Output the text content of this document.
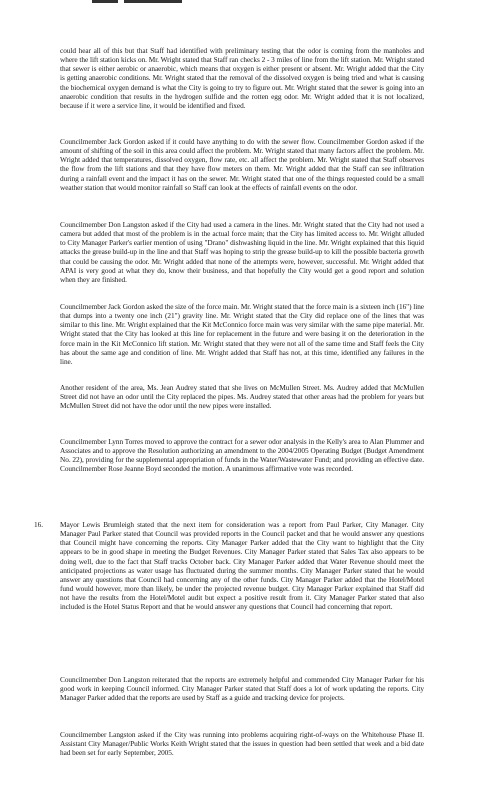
could hear all of this but that Staff had identified with preliminary testing that the odor is coming from the manholes and where the lift station kicks on. Mr. Wright stated that Staff ran checks 2 - 3 miles of line from the lift station. Mr. Wright stated that sewer is either aerobic or anaerobic, which means that oxygen is either present or absent. Mr. Wright added that the City is getting anaerobic conditions. Mr. Wright stated that the removal of the dissolved oxygen is being tried and what is causing the biochemical oxygen demand is what the City is going to try to figure out. Mr. Wright stated that the sewer is going into an anaerobic condition that results in the hydrogen sulfide and the rotten egg odor. Mr. Wright added that it is not localized, because if it were a service line, it would be identified and fixed.

Councilmember Jack Gordon asked if it could have anything to do with the sewer flow. Councilmember Gordon asked if the amount of shifting of the soil in this area could affect the problem. Mr. Wright stated that many factors affect the problem. Mr. Wright added that temperatures, dissolved oxygen, flow rate, etc. all affect the problem. Mr. Wright stated that Staff observes the flow from the lift stations and that they have flow meters on them. Mr. Wright added that the Staff can see infiltration during a rainfall event and the impact it has on the sewer. Mr. Wright stated that one of the things requested could be a small weather station that would monitor rainfall so Staff can look at the effects of rainfall events on the odor.

Councilmember Don Langston asked if the City had used a camera in the lines. Mr. Wright stated that the City had not used a camera but added that most of the problem is in the actual force main; that the City has limited access to. Mr. Wright alluded to City Manager Parker's earlier mention of using "Drano" dishwashing liquid in the line. Mr. Wright explained that this liquid attacks the grease build-up in the line and that Staff was hoping to strip the grease build-up to kill the possible bacteria growth that could be causing the odor. Mr. Wright added that none of the attempts were, however, successful. Mr. Wright added that APAI is very good at what they do, know their business, and that hopefully the City would get a good report and solution when they are finished.

Councilmember Jack Gordon asked the size of the force main. Mr. Wright stated that the force main is a sixteen inch (16") line that dumps into a twenty one inch (21") gravity line. Mr. Wright stated that the City did replace one of the lines that was similar to this line. Mr. Wright explained that the Kit McConnico force main was very similar with the same pipe material. Mr. Wright stated that the City has looked at this line for replacement in the future and were basing it on the deterioration in the force main in the Kit McConnico lift station. Mr. Wright stated that they were not all of the same time and Staff feels the City has about the same age and condition of line. Mr. Wright added that Staff has not, at this time, identified any failures in the line.

Another resident of the area, Ms. Jean Audrey stated that she lives on McMullen Street. Ms. Audrey added that McMullen Street did not have an odor until the City replaced the pipes. Ms. Audrey stated that other areas had the problem for years but McMullen Street did not have the odor until the new pipes were installed.

Councilmember Lynn Torres moved to approve the contract for a sewer odor analysis in the Kelly's area to Alan Plummer and Associates and to approve the Resolution authorizing an amendment to the 2004/2005 Operating Budget (Budget Amendment No. 22), providing for the supplemental appropriation of funds in the Water/Wastewater Fund; and providing an effective date. Councilmember Rose Jeanne Boyd seconded the motion. A unanimous affirmative vote was recorded.

16. Mayor Lewis Brumleigh stated that the next item for consideration was a report from Paul Parker, City Manager. City Manager Paul Parker stated that Council was provided reports in the Council packet and that he would answer any questions that Council might have concerning the reports. City Manager Parker added that the City want to highlight that the City appears to be in good shape in meeting the Budget Revenues. City Manager Parker stated that Sales Tax also appears to be doing well, due to the fact that Staff tracks October back. City Manager Parker added that Water Revenue should meet the anticipated projections as water usage has fluctuated during the summer months. City Manager Parker stated that he would answer any questions that Council had concerning any of the other funds. City Manager Parker added that the Hotel/Motel fund would however, more than likely, be under the projected revenue budget. City Manager Parker explained that Staff did not have the results from the Hotel/Motel audit but expect a positive result from it. City Manager Parker stated that also included is the Hotel Status Report and that he would answer any questions that Council had concerning that report.

Councilmember Don Langston reiterated that the reports are extremely helpful and commended City Manager Parker for his good work in keeping Council informed. City Manager Parker stated that Staff does a lot of work updating the reports. City Manager Parker added that the reports are used by Staff as a guide and tracking device for projects.

Councilmember Langston asked if the City was running into problems acquiring right-of-ways on the Whitehouse Phase II. Assistant City Manager/Public Works Keith Wright stated that the issues in question had been settled that week and a bid date had been set for early September, 2005.
